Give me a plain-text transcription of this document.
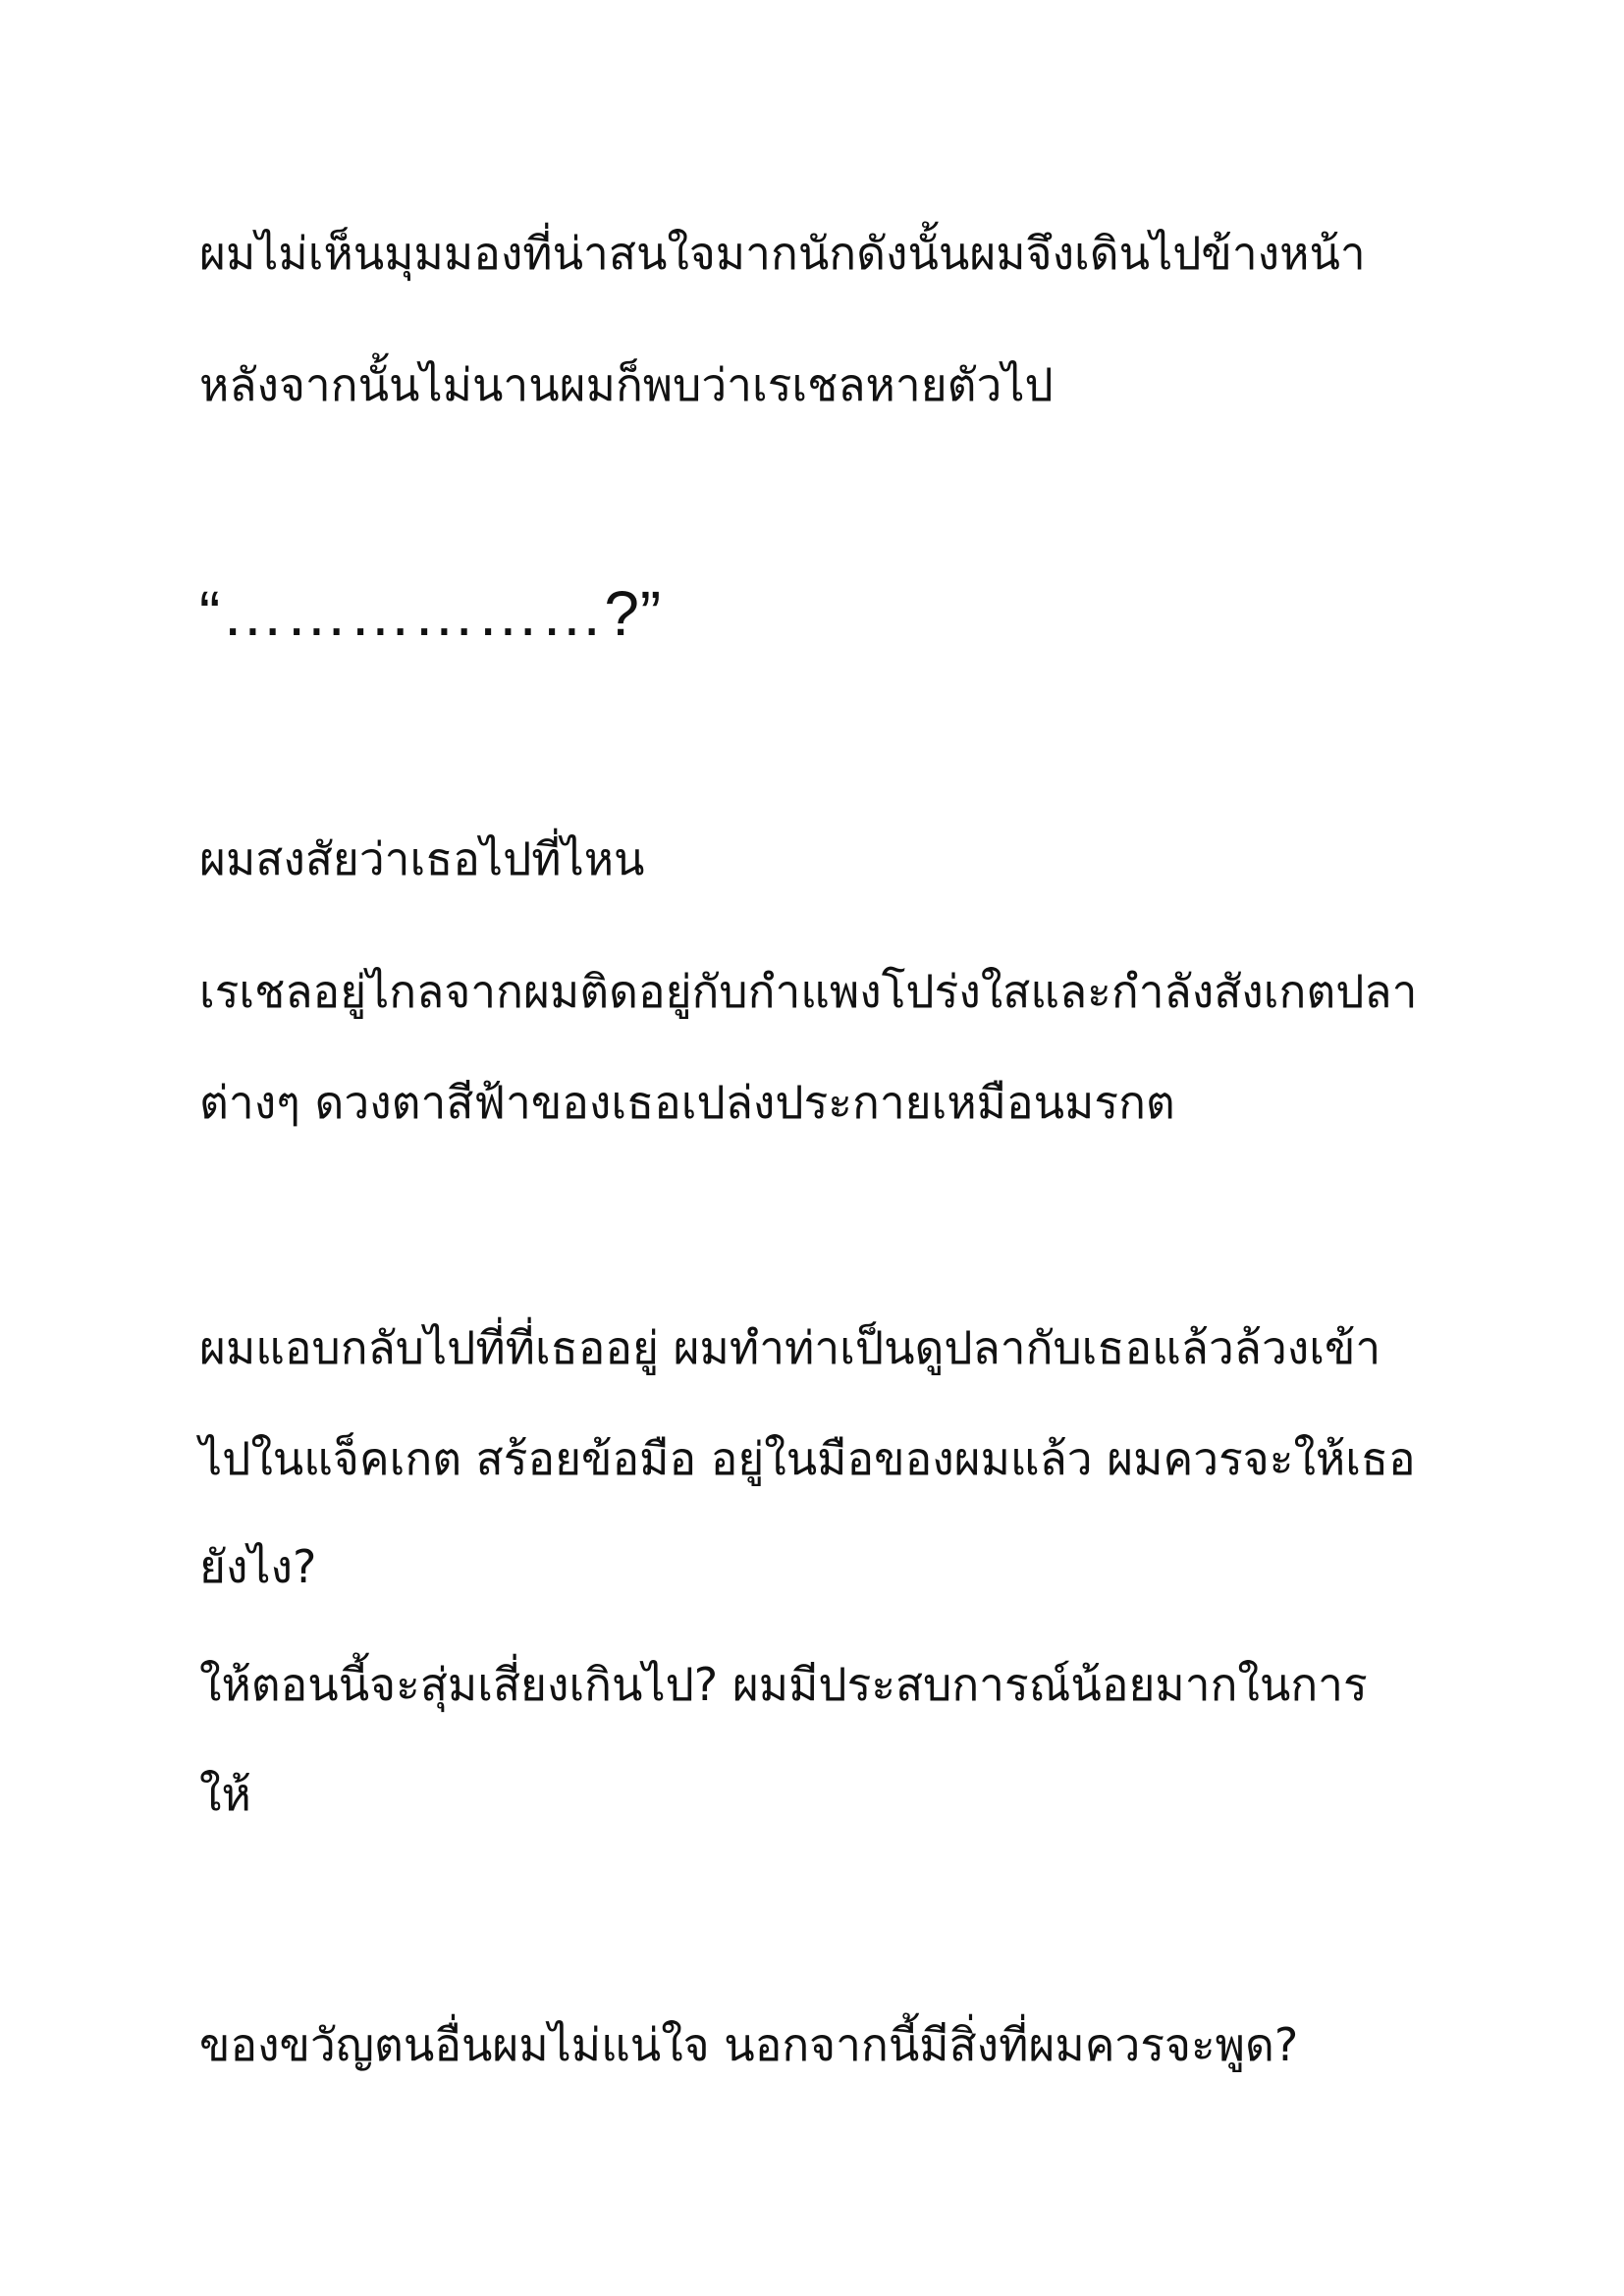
ผมไม่เห็นมุมมองที่น่าสนใจมากนักดังนั้นผมจึงเดินไปข้างหน้า

หลังจากนั้นไม่นานผมก็พบว่าเรเชลหายตัวไป

“………………?”

ผมสงสัยว่าเธอไปที่ไหน

เรเชลอยู่ไกลจากผมติดอยู่กับกำแพงโปร่งใสและกำลังสังเกตปลา

ต่างๆ ดวงตาสีฟ้าของเธอเปล่งประกายเหมือนมรกต

ผมแอบกลับไปที่ที่เธออยู่ ผมทำท่าเป็นดูปลากับเธอแล้วล้วงเข้า

ไปในแจ็คเกต สร้อยข้อมือ อยู่ในมือของผมแล้ว ผมควรจะให้เธอ

ยังไง?

ให้ตอนนี้จะสุ่มเสี่ยงเกินไป? ผมมีประสบการณ์น้อยมากในการ

ให้

ของขวัญตนอื่นผมไม่แน่ใจ นอกจากนี้มีสิ่งที่ผมควรจะพูด?
